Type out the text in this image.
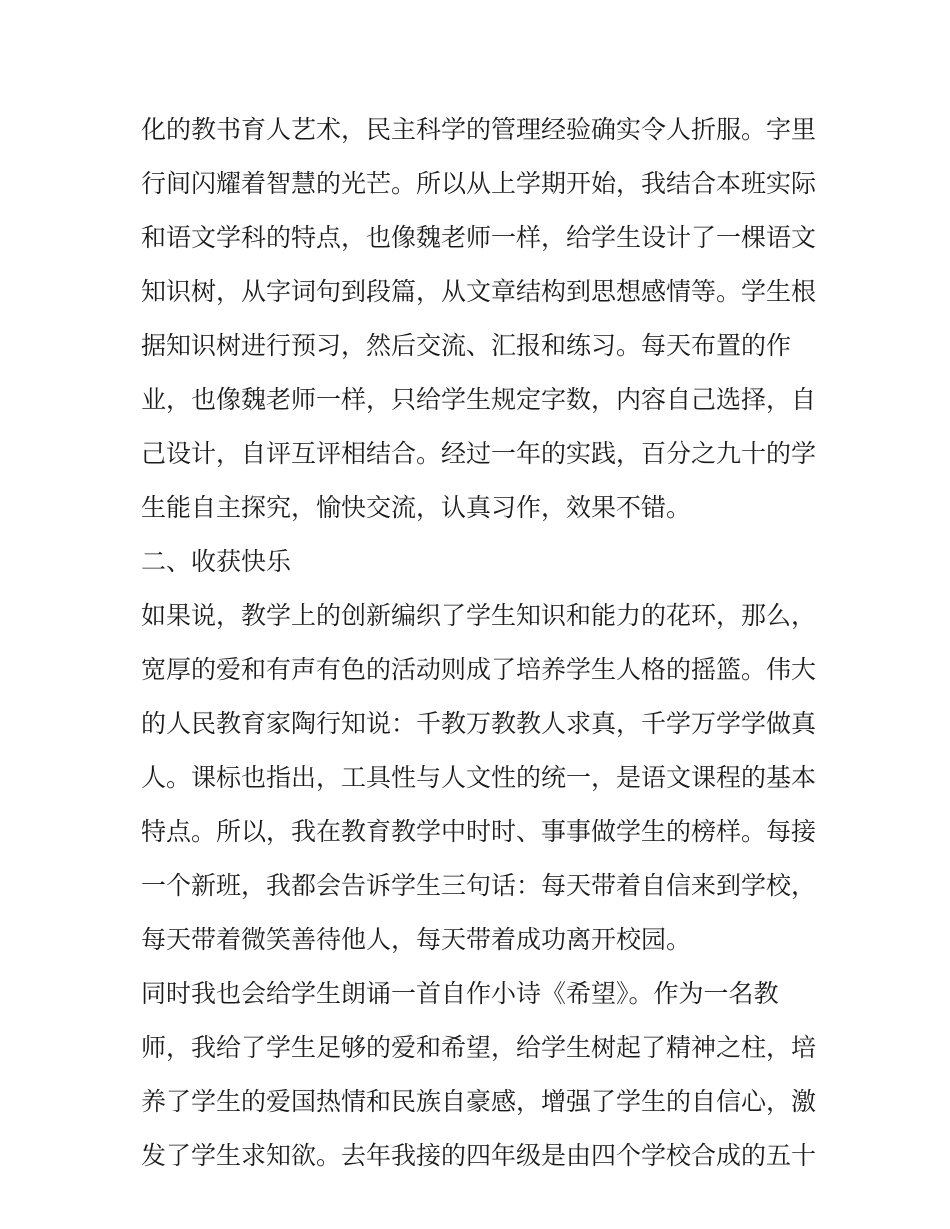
化的教书育人艺术，民主科学的管理经验确实令人折服。字里
行间闪耀着智慧的光芒。所以从上学期开始，我结合本班实际
和语文学科的特点，也像魏老师一样，给学生设计了一棵语文
知识树，从字词句到段篇，从文章结构到思想感情等。学生根
据知识树进行预习，然后交流、汇报和练习。每天布置的作
业，也像魏老师一样，只给学生规定字数，内容自己选择，自
己设计，自评互评相结合。经过一年的实践，百分之九十的学
生能自主探究，愉快交流，认真习作，效果不错。
二、收获快乐
如果说，教学上的创新编织了学生知识和能力的花环，那么，
宽厚的爱和有声有色的活动则成了培养学生人格的摇篮。伟大
的人民教育家陶行知说：千教万教教人求真，千学万学学做真
人。课标也指出，工具性与人文性的统一，是语文课程的基本
特点。所以，我在教育教学中时时、事事做学生的榜样。每接
一个新班，我都会告诉学生三句话：每天带着自信来到学校，
每天带着微笑善待他人，每天带着成功离开校园。
同时我也会给学生朗诵一首自作小诗《希望》。作为一名教
师，我给了学生足够的爱和希望，给学生树起了精神之柱，培
养了学生的爱国热情和民族自豪感，增强了学生的自信心，激
发了学生求知欲。去年我接的四年级是由四个学校合成的五十
